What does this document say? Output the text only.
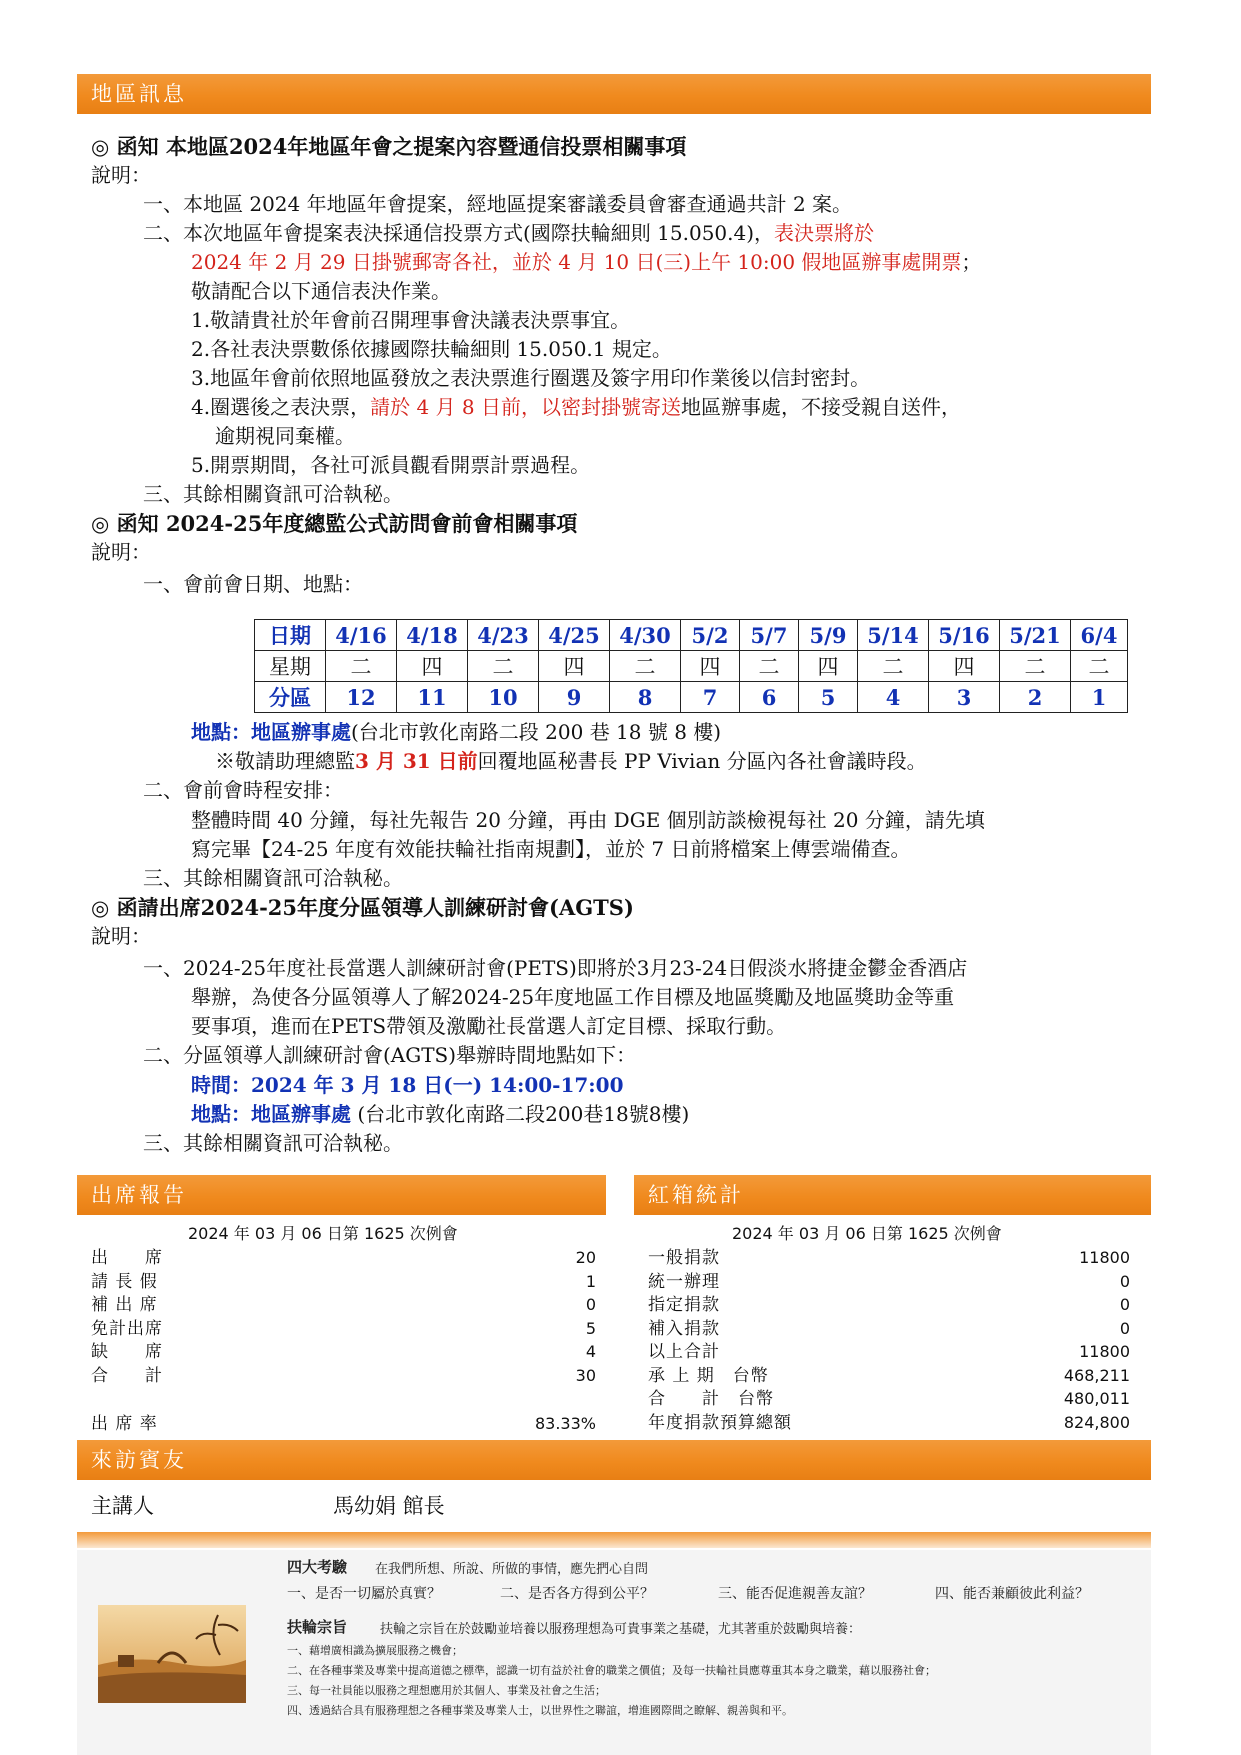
地區訊息
◎ 函知 本地區2024年地區年會之提案內容暨通信投票相關事項
說明：
一、本地區 2024 年地區年會提案，經地區提案審議委員會審查通過共計 2 案。
二、本次地區年會提案表決採通信投票方式(國際扶輪細則 15.050.4)，表決票將於
2024 年 2 月 29 日掛號郵寄各社，並於 4 月 10 日(三)上午 10:00 假地區辦事處開票；
敬請配合以下通信表決作業。
1.敬請貴社於年會前召開理事會決議表決票事宜。
2.各社表決票數係依據國際扶輪細則 15.050.1 規定。
3.地區年會前依照地區發放之表決票進行圈選及簽字用印作業後以信封密封。
4.圈選後之表決票，請於 4 月 8 日前，以密封掛號寄送地區辦事處，不接受親自送件，
逾期視同棄權。
5.開票期間，各社可派員觀看開票計票過程。
三、其餘相關資訊可洽執秘。
◎ 函知 2024-25年度總監公式訪問會前會相關事項
說明：
一、會前會日期、地點：
日期	4/16	4/18	4/23	4/25	4/30	5/2	5/7	5/9	5/14	5/16	5/21	6/4
星期	二	四	二	四	二	四	二	四	二	四	二	二
分區	12	11	10	9	8	7	6	5	4	3	2	1
地點：地區辦事處(台北市敦化南路二段 200 巷 18 號 8 樓)
※敬請助理總監3 月 31 日前回覆地區秘書長 PP Vivian 分區內各社會議時段。
二、會前會時程安排：
整體時間 40 分鐘，每社先報告 20 分鐘，再由 DGE 個別訪談檢視每社 20 分鐘，請先填
寫完畢【24-25 年度有效能扶輪社指南規劃】，並於 7 日前將檔案上傳雲端備查。
三、其餘相關資訊可洽執秘。
◎ 函請出席2024-25年度分區領導人訓練研討會(AGTS)
說明：
一、2024-25年度社長當選人訓練研討會(PETS)即將於3月23-24日假淡水將捷金鬱金香酒店
舉辦，為使各分區領導人了解2024-25年度地區工作目標及地區獎勵及地區獎助金等重
要事項，進而在PETS帶領及激勵社長當選人訂定目標、採取行動。
二、分區領導人訓練研討會(AGTS)舉辦時間地點如下：
時間：2024 年 3 月 18 日(一) 14:00-17:00
地點：地區辦事處 (台北市敦化南路二段200巷18號8樓)
三、其餘相關資訊可洽執秘。
出席報告	紅箱統計
2024 年 03 月 06 日第 1625 次例會
出 席 率	83.33%
2024 年 03 月 06 日第 1625 次例會
來訪賓友
主講人	馬幼娟 館長
四大考驗 在我們所想、所說、所做的事情，應先捫心自問
一、是否一切屬於真實？	二、是否各方得到公平？	三、能否促進親善友誼？	四、能否兼顧彼此利益？
扶輪宗旨	扶輪之宗旨在於鼓勵並培養以服務理想為可貴事業之基礎，尤其著重於鼓勵與培養：
一、藉增廣相識為擴展服務之機會；
二、在各種事業及專業中提高道德之標準，認識一切有益於社會的職業之價值；及每一扶輪社員應尊重其本身之職業，藉以服務社會；
三、每一社員能以服務之理想應用於其個人、事業及社會之生活；
四、透過結合具有服務理想之各種事業及專業人士，以世界性之聯誼，增進國際間之瞭解、親善與和平。
出　　席	20
請 長 假	1
補 出 席	0
免計出席	5
缺　　席	4
合　　計	30
一般捐款	11800
統一辦理	0
指定捐款	0
補入捐款	0
以上合計	11800
承 上 期　台幣	468,211
合　　計　台幣	480,011
年度捐款預算總額	824,800
